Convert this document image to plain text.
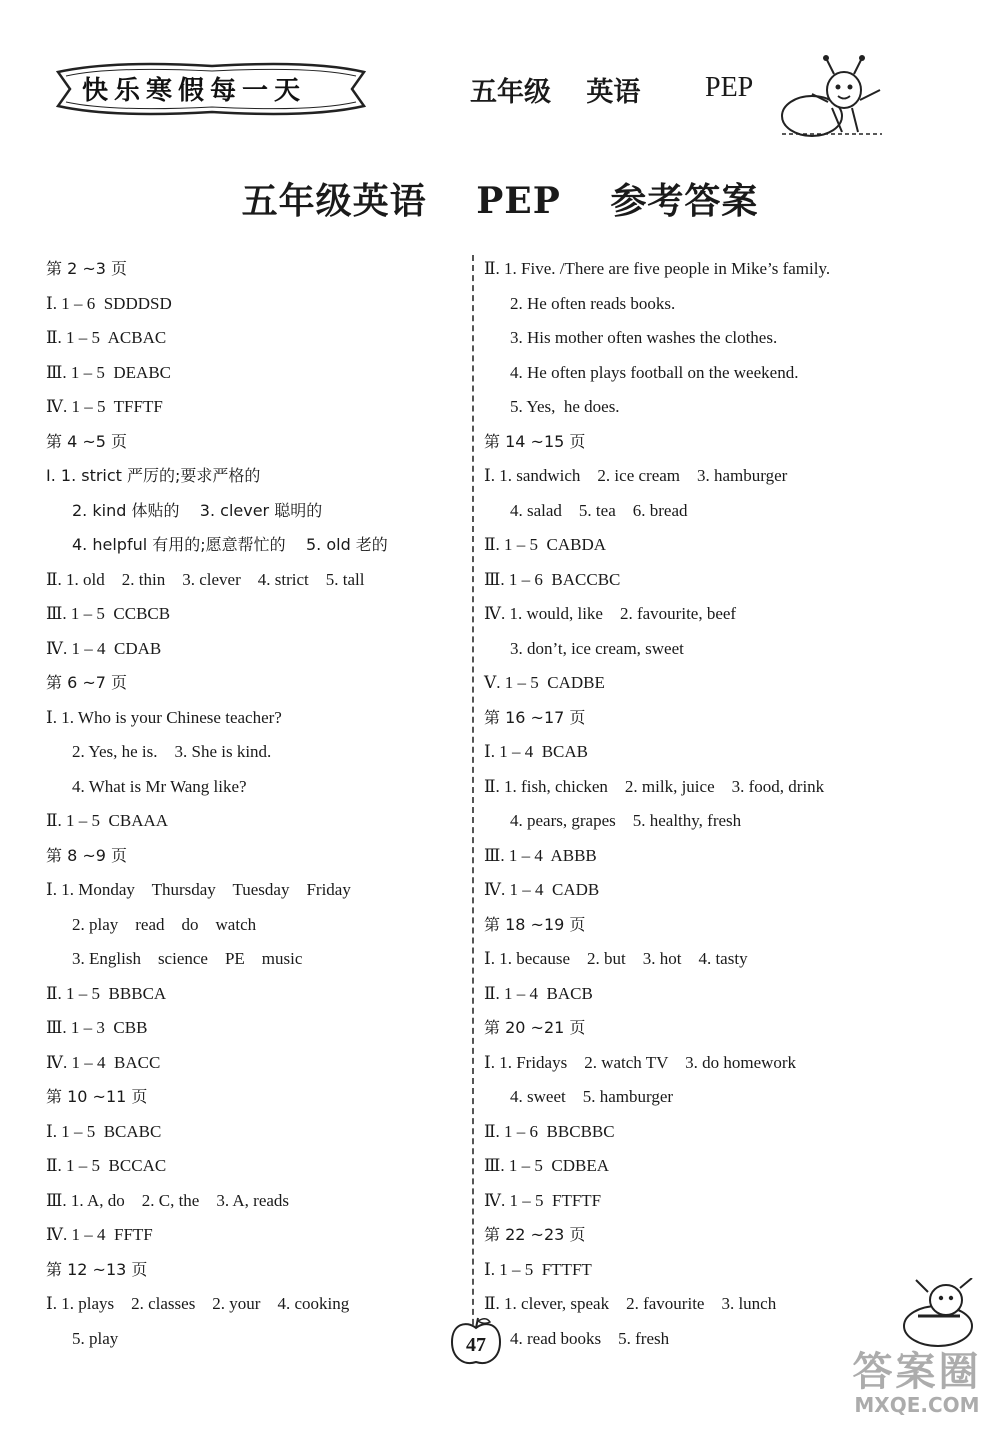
快乐寒假每一天	五年级 英语	PEP
五年级英语 PEP 参考答案
第 2 ~3 页
Ⅰ. 1 – 6  SDDDSD
Ⅱ. 1 – 5  ACBAC
Ⅲ. 1 – 5  DEABC
Ⅳ. 1 – 5  TFFTF
第 4 ~5 页
Ⅰ. 1. strict 严厉的;要求严格的
2. kind 体贴的    3. clever 聪明的
4. helpful 有用的;愿意帮忙的    5. old 老的
Ⅱ. 1. old    2. thin    3. clever    4. strict    5. tall
Ⅲ. 1 – 5  CCBCB
Ⅳ. 1 – 4  CDAB
第 6 ~7 页
Ⅰ. 1. Who is your Chinese teacher?
2. Yes, he is.    3. She is kind.
4. What is Mr Wang like?
Ⅱ. 1 – 5  CBAAA
第 8 ~9 页
Ⅰ. 1. Monday    Thursday    Tuesday    Friday
2. play    read    do    watch
3. English    science    PE    music
Ⅱ. 1 – 5  BBBCA
Ⅲ. 1 – 3  CBB
Ⅳ. 1 – 4  BACC
第 10 ~11 页
Ⅰ. 1 – 5  BCABC
Ⅱ. 1 – 5  BCCAC
Ⅲ. 1. A, do    2. C, the    3. A, reads
Ⅳ. 1 – 4  FFTF
第 12 ~13 页
Ⅰ. 1. plays    2. classes    2. your    4. cooking
5. play
Ⅱ. 1. Five. /There are five people in Mike’s family.
2. He often reads books.
3. His mother often washes the clothes.
4. He often plays football on the weekend.
5. Yes,  he does.
第 14 ~15 页
Ⅰ. 1. sandwich    2. ice cream    3. hamburger
4. salad    5. tea    6. bread
Ⅱ. 1 – 5  CABDA
Ⅲ. 1 – 6  BACCBC
Ⅳ. 1. would, like    2. favourite, beef
3. don’t, ice cream, sweet
Ⅴ. 1 – 5  CADBE
第 16 ~17 页
Ⅰ. 1 – 4  BCAB
Ⅱ. 1. fish, chicken    2. milk, juice    3. food, drink
4. pears, grapes    5. healthy, fresh
Ⅲ. 1 – 4  ABBB
Ⅳ. 1 – 4  CADB
第 18 ~19 页
Ⅰ. 1. because    2. but    3. hot    4. tasty
Ⅱ. 1 – 4  BACB
第 20 ~21 页
Ⅰ. 1. Fridays    2. watch TV    3. do homework
4. sweet    5. hamburger
Ⅱ. 1 – 6  BBCBBC
Ⅲ. 1 – 5  CDBEA
Ⅳ. 1 – 5  FTFTF
第 22 ~23 页
Ⅰ. 1 – 5  FTTFT
Ⅱ. 1. clever, speak    2. favourite    3. lunch
4. read books    5. fresh
47
答案圈
MXQE.COM
